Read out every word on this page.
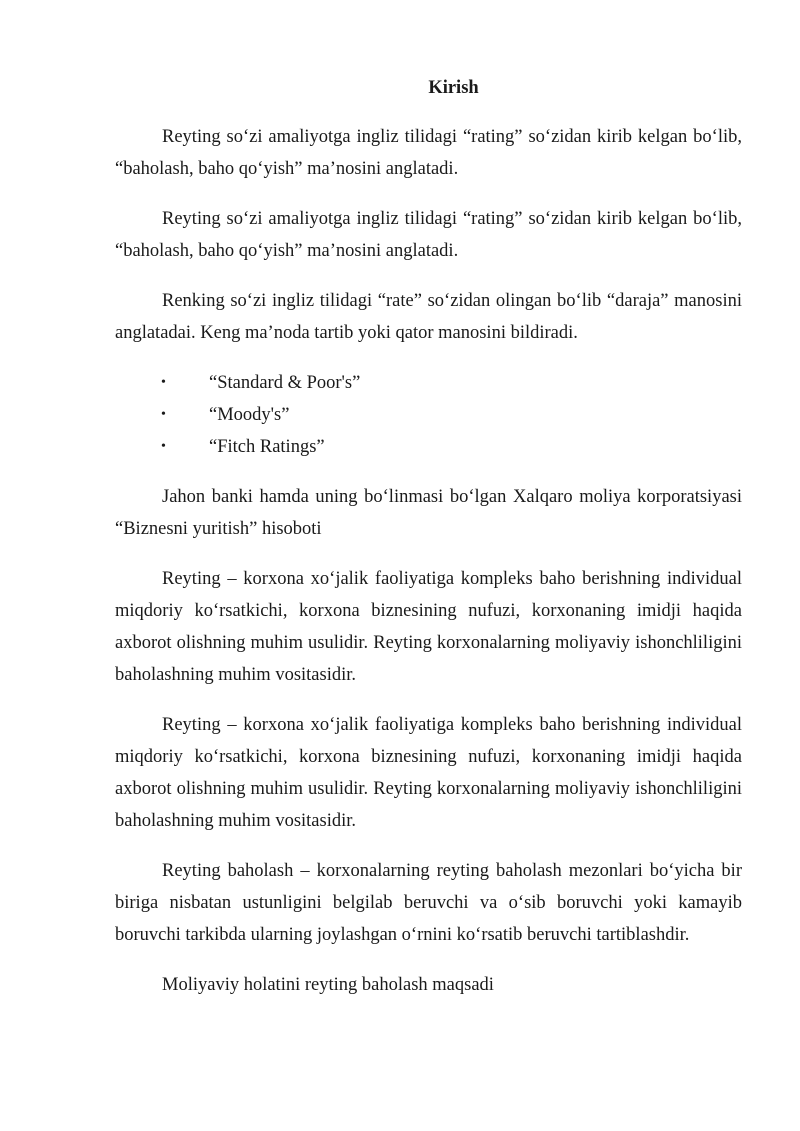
Kirish

Reyting so‘zi amaliyotga ingliz tilidagi “rating” so‘zidan kirib kelgan bo‘lib, “baholash, baho qo‘yish” ma’nosini anglatadi.

Reyting so‘zi amaliyotga ingliz tilidagi “rating” so‘zidan kirib kelgan bo‘lib, “baholash, baho qo‘yish” ma’nosini anglatadi.

Renking so‘zi ingliz tilidagi “rate” so‘zidan olingan bo‘lib “daraja” manosini anglatadai. Keng ma’noda tartib yoki qator manosini bildiradi.

• “Standard & Poor's”
• “Moody's”
• “Fitch Ratings”

Jahon banki hamda uning bo‘linmasi bo‘lgan Xalqaro moliya korporatsiyasi “Biznesni yuritish” hisoboti

Reyting – korxona xo‘jalik faoliyatiga kompleks baho berishning individual miqdoriy ko‘rsatkichi, korxona biznesining nufuzi, korxonaning imidji haqida axborot olishning muhim usulidir. Reyting korxonalarning moliyaviy ishonchliligini baholashning muhim vositasidir.

Reyting – korxona xo‘jalik faoliyatiga kompleks baho berishning individual miqdoriy ko‘rsatkichi, korxona biznesining nufuzi, korxonaning imidji haqida axborot olishning muhim usulidir. Reyting korxonalarning moliyaviy ishonchliligini baholashning muhim vositasidir.

Reyting baholash – korxonalarning reyting baholash mezonlari bo‘yicha bir biriga nisbatan ustunligini belgilab beruvchi va o‘sib boruvchi yoki kamayib boruvchi tarkibda ularning joylashgan o‘rnini ko‘rsatib beruvchi tartiblashdir.

Moliyaviy holatini reyting baholash maqsadi
